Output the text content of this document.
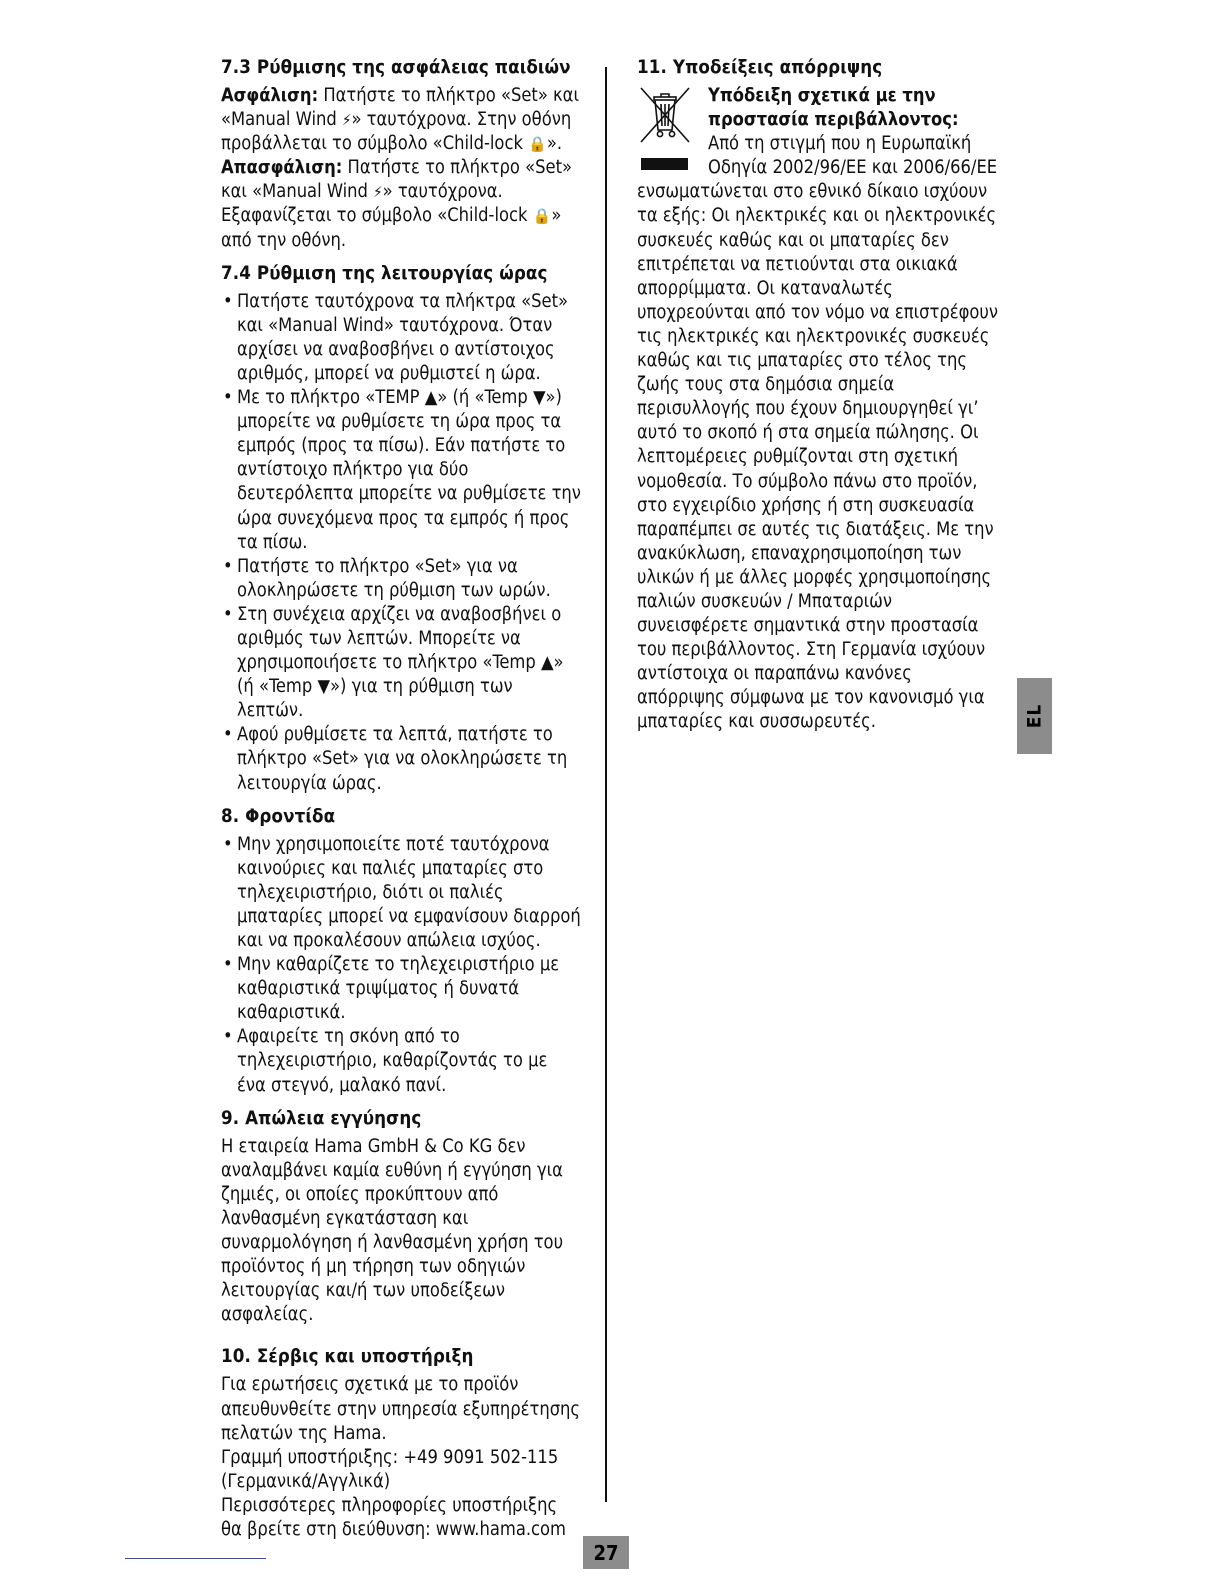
7.3 Ρύθμισης της ασφάλειας παιδιών

Ασφάλιση: Πατήστε το πλήκτρο «Set» και «Manual Wind ⚡» ταυτόχρονα. Στην οθόνη προβάλλεται το σύμβολο «Child-lock 🔒».

Απασφάλιση: Πατήστε το πλήκτρο «Set» και «Manual Wind ⚡» ταυτόχρονα. Εξαφανίζεται το σύμβολο «Child-lock 🔒» από την οθόνη.

7.4 Ρύθμιση της λειτουργίας ώρας
• Πατήστε ταυτόχρονα τα πλήκτρα «Set» και «Manual Wind» ταυτόχρονα. Όταν αρχίσει να αναβοσβήνει ο αντίστοιχος αριθμός, μπορεί να ρυθμιστεί η ώρα.
• Με το πλήκτρο «TEMP ▲» (ή «Temp ▼») μπορείτε να ρυθμίσετε τη ώρα προς τα εμπρός (προς τα πίσω). Εάν πατήστε το αντίστοιχο πλήκτρο για δύο δευτερόλεπτα μπορείτε να ρυθμίσετε την ώρα συνεχόμενα προς τα εμπρός ή προς τα πίσω.
• Πατήστε το πλήκτρο «Set» για να ολοκληρώσετε τη ρύθμιση των ωρών.
• Στη συνέχεια αρχίζει να αναβοσβήνει ο αριθμός των λεπτών. Μπορείτε να χρησιμοποιήσετε το πλήκτρο «Temp ▲» (ή «Temp ▼») για τη ρύθμιση των λεπτών.
• Αφού ρυθμίσετε τα λεπτά, πατήστε το πλήκτρο «Set» για να ολοκληρώσετε τη λειτουργία ώρας.
8. Φροντίδα
• Μην χρησιμοποιείτε ποτέ ταυτόχρονα καινούριες και παλιές μπαταρίες στο τηλεχειριστήριο, διότι οι παλιές μπαταρίες μπορεί να εμφανίσουν διαρροή και να προκαλέσουν απώλεια ισχύος.
• Μην καθαρίζετε το τηλεχειριστήριο με καθαριστικά τριψίματος ή δυνατά καθαριστικά.
• Αφαιρείτε τη σκόνη από το τηλεχειριστήριο, καθαρίζοντάς το με ένα στεγνό, μαλακό πανί.
9. Απώλεια εγγύησης

Η εταιρεία Hama GmbH & Co KG δεν αναλαμβάνει καμία ευθύνη ή εγγύηση για ζημιές, οι οποίες προκύπτουν από λανθασμένη εγκατάσταση και συναρμολόγηση ή λανθασμένη χρήση του προϊόντος ή μη τήρηση των οδηγιών λειτουργίας και/ή των υποδείξεων ασφαλείας.

10. Σέρβις και υποστήριξη

Για ερωτήσεις σχετικά με το προϊόν απευθυνθείτε στην υπηρεσία εξυπηρέτησης πελατών της Hama.

Γραμμή υποστήριξης: +49 9091 502-115 (Γερμανικά/Αγγλικά)

Περισσότερες πληροφορίες υποστήριξης θα βρείτε στη διεύθυνση: www.hama.com

11. Υποδείξεις απόρριψης

Υπόδειξη σχετικά με την προστασία περιβάλλοντος:

Από τη στιγμή που η Ευρωπαϊκή Οδηγία 2002/96/ΕΕ και 2006/66/ΕΕ

ενσωματώνεται στο εθνικό δίκαιο ισχύουν τα εξής: Οι ηλεκτρικές και οι ηλεκτρονικές συσκευές καθώς και οι μπαταρίες δεν επιτρέπεται να πετιούνται στα οικιακά απορρίμματα. Οι καταναλωτές υποχρεούνται από τον νόμο να επιστρέφουν τις ηλεκτρικές και ηλεκτρονικές συσκευές καθώς και τις μπαταρίες στο τέλος της ζωής τους στα δημόσια σημεία περισυλλογής που έχουν δημιουργηθεί γι’ αυτό το σκοπό ή στα σημεία πώλησης. Οι λεπτομέρειες ρυθμίζονται στη σχετική νομοθεσία. Το σύμβολο πάνω στο προϊόν, στο εγχειρίδιο χρήσης ή στη συσκευασία παραπέμπει σε αυτές τις διατάξεις. Με την ανακύκλωση, επαναχρησιμοποίηση των υλικών ή με άλλες μορφές χρησιμοποίησης παλιών συσκευών / Μπαταριών συνεισφέρετε σημαντικά στην προστασία του περιβάλλοντος. Στη Γερμανία ισχύουν αντίστοιχα οι παραπάνω κανόνες απόρριψης σύμφωνα με τον κανονισμό για μπαταρίες και συσσωρευτές.	EL
27
